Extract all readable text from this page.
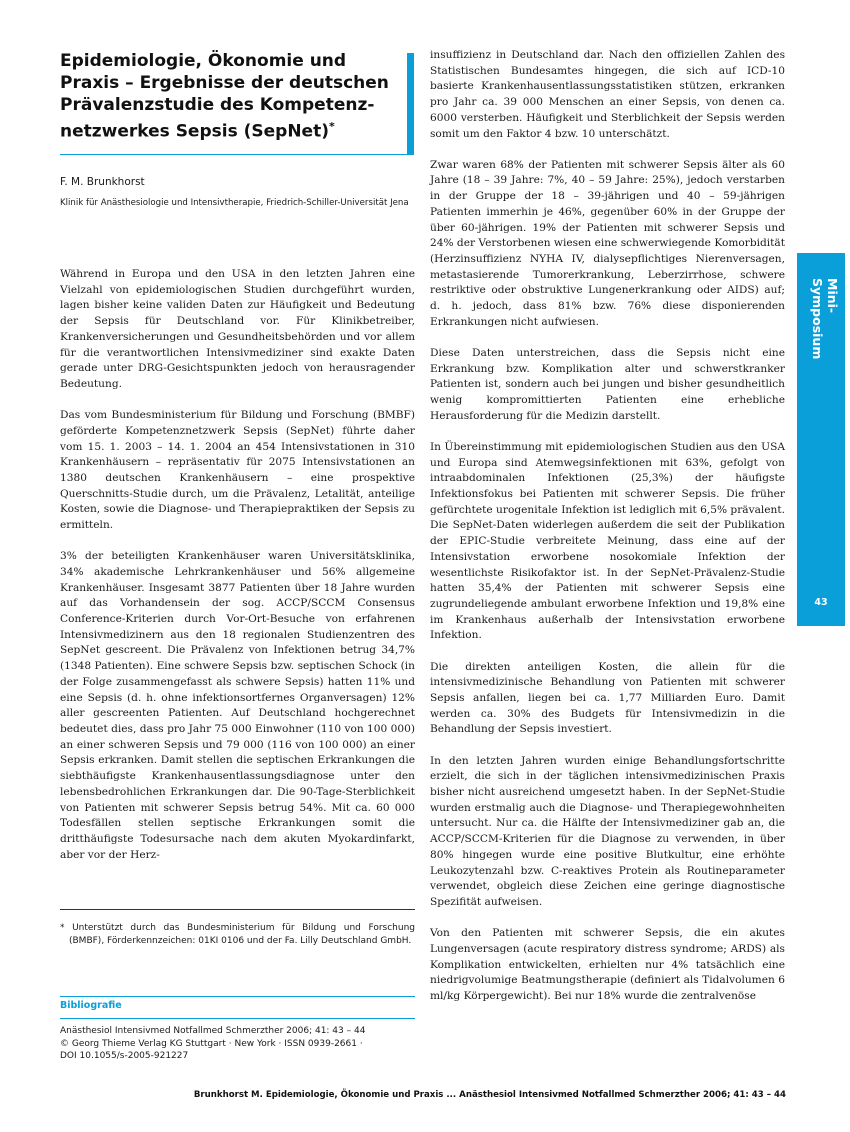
Epidemiologie, Ökonomie und Praxis – Ergebnisse der deutschen Prävalenzstudie des Kompetenz-netzwerkes Sepsis (SepNet)*
F. M. Brunkhorst
Klinik für Anästhesiologie und Intensivtherapie, Friedrich-Schiller-Universität Jena

Während in Europa und den USA in den letzten Jahren eine Vielzahl von epidemiologischen Studien durchgeführt wurden, lagen bisher keine validen Daten zur Häufigkeit und Bedeutung der Sepsis für Deutschland vor. Für Klinikbetreiber, Krankenversicherungen und Gesundheitsbehörden und vor allem für die verantwortlichen Intensivmediziner sind exakte Daten gerade unter DRG-Gesichtspunkten jedoch von herausragender Bedeutung.

Das vom Bundesministerium für Bildung und Forschung (BMBF) geförderte Kompetenznetzwerk Sepsis (SepNet) führte daher vom 15. 1. 2003 – 14. 1. 2004 an 454 Intensivstationen in 310 Krankenhäusern – repräsentativ für 2075 Intensivstationen an 1380 deutschen Krankenhäusern – eine prospektive Querschnitts-Studie durch, um die Prävalenz, Letalität, anteilige Kosten, sowie die Diagnose- und Therapiepraktiken der Sepsis zu ermitteln.

3% der beteiligten Krankenhäuser waren Universitätsklinika, 34% akademische Lehrkrankenhäuser und 56% allgemeine Krankenhäuser. Insgesamt 3877 Patienten über 18 Jahre wurden auf das Vorhandensein der sog. ACCP/SCCM Consensus Conference-Kriterien durch Vor-Ort-Besuche von erfahrenen Intensivmedizinern aus den 18 regionalen Studienzentren des SepNet gescreent. Die Prävalenz von Infektionen betrug 34,7% (1348 Patienten). Eine schwere Sepsis bzw. septischen Schock (in der Folge zusammengefasst als schwere Sepsis) hatten 11% und eine Sepsis (d. h. ohne infektionsortfernes Organversagen) 12% aller gescreenten Patienten. Auf Deutschland hochgerechnet bedeutet dies, dass pro Jahr 75 000 Einwohner (110 von 100 000) an einer schweren Sepsis und 79 000 (116 von 100 000) an einer Sepsis erkranken. Damit stellen die septischen Erkrankungen die siebthäufigste Krankenhausentlassungsdiagnose unter den lebensbedrohlichen Erkrankungen dar. Die 90-Tage-Sterblichkeit von Patienten mit schwerer Sepsis betrug 54%. Mit ca. 60 000 Todesfällen stellen septische Erkrankungen somit die dritthäufigste Todesursache nach dem akuten Myokardinfarkt, aber vor der Herz-

* Unterstützt durch das Bundesministerium für Bildung und Forschung (BMBF), Förderkennzeichen: 01KI 0106 und der Fa. Lilly Deutschland GmbH.
Bibliografie
Anästhesiol Intensivmed Notfallmed Schmerzther 2006; 41: 43 – 44
© Georg Thieme Verlag KG Stuttgart · New York · ISSN 0939-2661 ·
DOI 10.1055/s-2005-921227

insuffizienz in Deutschland dar. Nach den offiziellen Zahlen des Statistischen Bundesamtes hingegen, die sich auf ICD-10 basierte Krankenhausentlassungsstatistiken stützen, erkranken pro Jahr ca. 39 000 Menschen an einer Sepsis, von denen ca. 6000 versterben. Häufigkeit und Sterblichkeit der Sepsis werden somit um den Faktor 4 bzw. 10 unterschätzt.

Zwar waren 68% der Patienten mit schwerer Sepsis älter als 60 Jahre (18 – 39 Jahre: 7%, 40 – 59 Jahre: 25%), jedoch verstarben in der Gruppe der 18 – 39-jährigen und 40 – 59-jährigen Patienten immerhin je 46%, gegenüber 60% in der Gruppe der über 60-jährigen. 19% der Patienten mit schwerer Sepsis und 24% der Verstorbenen wiesen eine schwerwiegende Komorbidität (Herzinsuffizienz NYHA IV, dialysepflichtiges Nierenversagen, metastasierende Tumorerkrankung, Leberzirrhose, schwere restriktive oder obstruktive Lungenerkrankung oder AIDS) auf; d. h. jedoch, dass 81% bzw. 76% diese disponierenden Erkrankungen nicht aufwiesen.

Diese Daten unterstreichen, dass die Sepsis nicht eine Erkrankung bzw. Komplikation alter und schwerstkranker Patienten ist, sondern auch bei jungen und bisher gesundheitlich wenig kompromittierten Patienten eine erhebliche Herausforderung für die Medizin darstellt.

In Übereinstimmung mit epidemiologischen Studien aus den USA und Europa sind Atemwegsinfektionen mit 63%, gefolgt von intraabdominalen Infektionen (25,3%) der häufigste Infektionsfokus bei Patienten mit schwerer Sepsis. Die früher gefürchtete urogenitale Infektion ist lediglich mit 6,5% prävalent. Die SepNet-Daten widerlegen außerdem die seit der Publikation der EPIC-Studie verbreitete Meinung, dass eine auf der Intensivstation erworbene nosokomiale Infektion der wesentlichste Risikofaktor ist. In der SepNet-Prävalenz-Studie hatten 35,4% der Patienten mit schwerer Sepsis eine zugrundeliegende ambulant erworbene Infektion und 19,8% eine im Krankenhaus außerhalb der Intensivstation erworbene Infektion.

Die direkten anteiligen Kosten, die allein für die intensivmedizinische Behandlung von Patienten mit schwerer Sepsis anfallen, liegen bei ca. 1,77 Milliarden Euro. Damit werden ca. 30% des Budgets für Intensivmedizin in die Behandlung der Sepsis investiert.

In den letzten Jahren wurden einige Behandlungsfortschritte erzielt, die sich in der täglichen intensivmedizinischen Praxis bisher nicht ausreichend umgesetzt haben. In der SepNet-Studie wurden erstmalig auch die Diagnose- und Therapiegewohnheiten untersucht. Nur ca. die Hälfte der Intensivmediziner gab an, die ACCP/SCCM-Kriterien für die Diagnose zu verwenden, in über 80% hingegen wurde eine positive Blutkultur, eine erhöhte Leukozytenzahl bzw. C-reaktives Protein als Routineparameter verwendet, obgleich diese Zeichen eine geringe diagnostische Spezifität aufweisen.

Von den Patienten mit schwerer Sepsis, die ein akutes Lungenversagen (acute respiratory distress syndrome; ARDS) als Komplikation entwickelten, erhielten nur 4% tatsächlich eine niedrigvolumige Beatmungstherapie (definiert als Tidalvolumen 6 ml/kg Körpergewicht). Bei nur 18% wurde die zentralvenöse

Mini-Symposium
43
Brunkhorst M. Epidemiologie, Ökonomie und Praxis ... Anästhesiol Intensivmed Notfallmed Schmerzther 2006; 41: 43 – 44
